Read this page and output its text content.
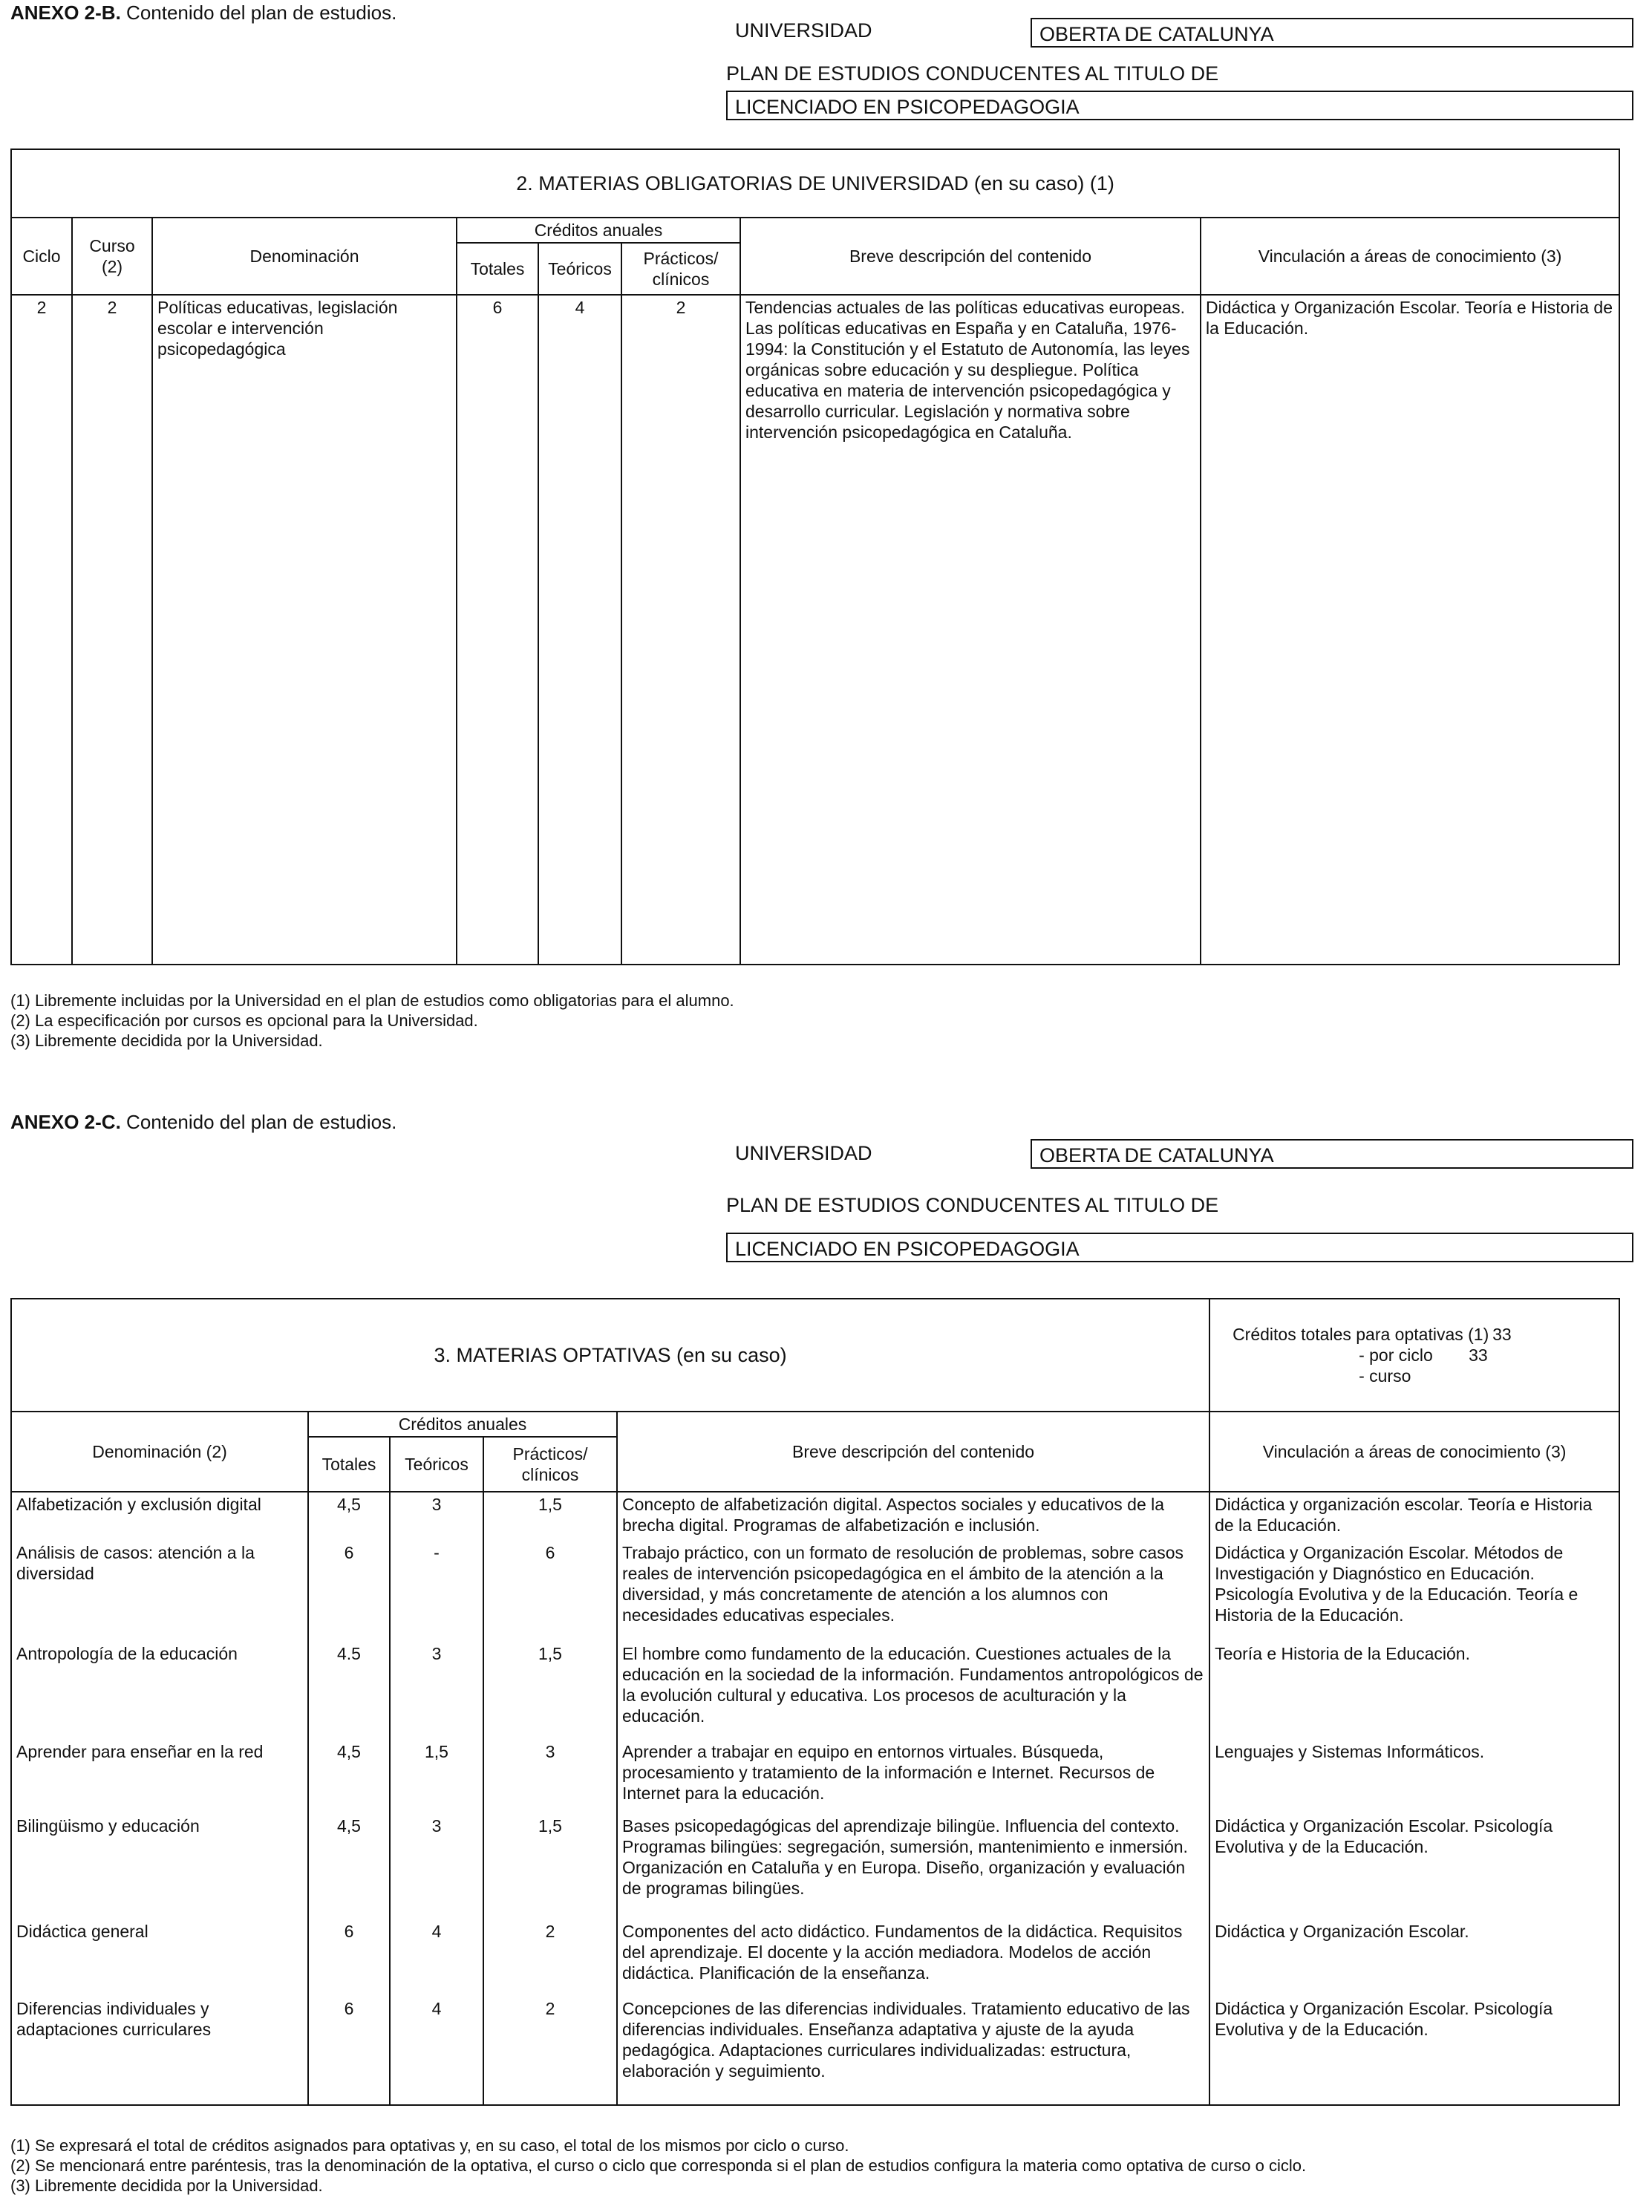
ANEXO 2-B. Contenido del plan de estudios.
UNIVERSIDAD	OBERTA DE CATALUNYA
PLAN DE ESTUDIOS CONDUCENTES AL TITULO DE
LICENCIADO EN PSICOPEDAGOGIA
2. MATERIAS OBLIGATORIAS DE UNIVERSIDAD (en su caso) (1)							
Ciclo	Curso (2)	Denominación	Créditos anuales			Breve descripción del contenido	Vinculación a áreas de conocimiento (3)
			Totales	Teóricos	Prácticos/ clínicos		
2	2	Políticas educativas, legislación escolar e intervención psicopedagógica	6	4	2	Tendencias actuales de las políticas educativas europeas. Las políticas educativas en España y en Cataluña, 1976-1994: la Constitución y el Estatuto de Autonomía, las leyes orgánicas sobre educación y su despliegue. Política educativa en materia de intervención psicopedagógica y desarrollo curricular. Legislación y normativa sobre intervención psicopedagógica en Cataluña.	Didáctica y Organización Escolar. Teoría e Historia de la Educación.
(1) Libremente incluidas por la Universidad en el plan de estudios como obligatorias para el alumno.
(2) La especificación por cursos es opcional para la Universidad.
(3) Libremente decidida por la Universidad.
ANEXO 2-C. Contenido del plan de estudios.
UNIVERSIDAD	OBERTA DE CATALUNYA
PLAN DE ESTUDIOS CONDUCENTES AL TITULO DE
LICENCIADO EN PSICOPEDAGOGIA
3. MATERIAS OPTATIVAS (en su caso)					Créditos totales para optativas (1) 33
- por ciclo 33
- curso

Denominación (2)	Créditos anuales			Breve descripción del contenido	Vinculación a áreas de conocimiento (3)
	Totales	Teóricos	Prácticos/ clínicos		
Alfabetización y exclusión digital	4,5	3	1,5	Concepto de alfabetización digital. Aspectos sociales y educativos de la brecha digital. Programas de alfabetización e inclusión.	Didáctica y organización escolar. Teoría e Historia de la Educación.
Análisis de casos: atención a la diversidad	6	-	6	Trabajo práctico, con un formato de resolución de problemas, sobre casos reales de intervención psicopedagógica en el ámbito de la atención a la diversidad, y más concretamente de atención a los alumnos con necesidades educativas especiales.	Didáctica y Organización Escolar. Métodos de Investigación y Diagnóstico en Educación. Psicología Evolutiva y de la Educación. Teoría e Historia de la Educación.
Antropología de la educación	4.5	3	1,5	El hombre como fundamento de la educación. Cuestiones actuales de la educación en la sociedad de la información. Fundamentos antropológicos de la evolución cultural y educativa. Los procesos de aculturación y la educación.	Teoría e Historia de la Educación.
Aprender para enseñar en la red	4,5	1,5	3	Aprender a trabajar en equipo en entornos virtuales. Búsqueda, procesamiento y tratamiento de la información e Internet. Recursos de Internet para la educación.	Lenguajes y Sistemas Informáticos.
Bilingüismo y educación	4,5	3	1,5	Bases psicopedagógicas del aprendizaje bilingüe. Influencia del contexto. Programas bilingües: segregación, sumersión, mantenimiento e inmersión. Organización en Cataluña y en Europa. Diseño, organización y evaluación de programas bilingües.	Didáctica y Organización Escolar. Psicología Evolutiva y de la Educación.
Didáctica general	6	4	2	Componentes del acto didáctico. Fundamentos de la didáctica. Requisitos del aprendizaje. El docente y la acción mediadora. Modelos de acción didáctica. Planificación de la enseñanza.	Didáctica y Organización Escolar.
Diferencias individuales y adaptaciones curriculares	6	4	2	Concepciones de las diferencias individuales. Tratamiento educativo de las diferencias individuales. Enseñanza adaptativa y ajuste de la ayuda pedagógica. Adaptaciones curriculares individualizadas: estructura, elaboración y seguimiento.	Didáctica y Organización Escolar. Psicología Evolutiva y de la Educación.
(1) Se expresará el total de créditos asignados para optativas y, en su caso, el total de los mismos por ciclo o curso.
(2) Se mencionará entre paréntesis, tras la denominación de la optativa, el curso o ciclo que corresponda si el plan de estudios configura la materia como optativa de curso o ciclo.
(3) Libremente decidida por la Universidad.
